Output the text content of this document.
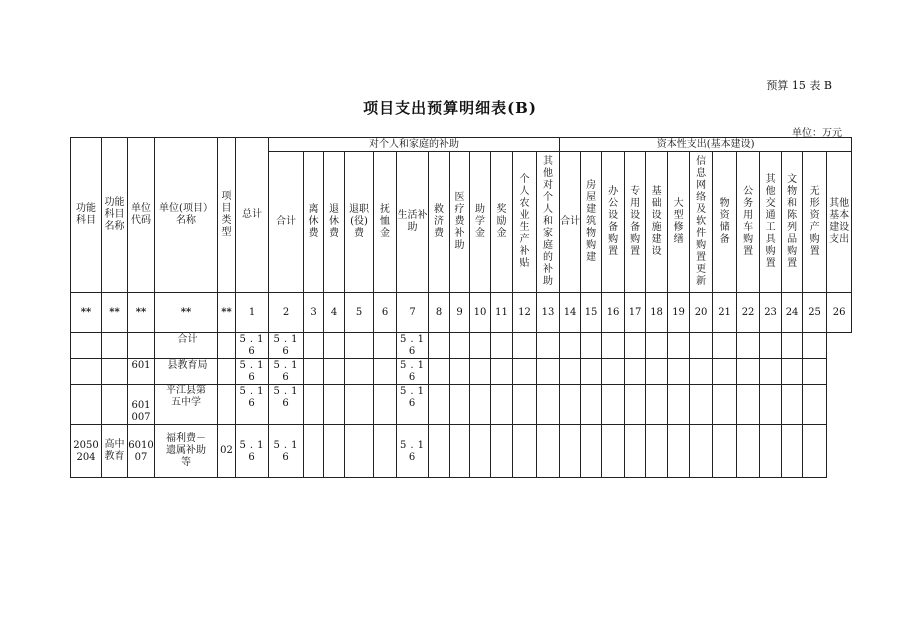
预算 15 表 B
项目支出预算明细表(B)
单位：万元
功能科目	功能科目名称	单位代码	单位(项目）名称	项目类型	总计	对个人和家庭的补助												资本性支出(基本建设)												
						合计	离休费	退休费	退职(役)费	抚恤金	生活补助	救济费	医疗费补助	助学金	奖励金	个人农业生产补贴	其他对个人和家庭的补助	合计	房屋建筑物购建	办公设备购置	专用设备购置	基础设施建设	大型修缮	信息网络及软件购置更新	物资储备	公务用车购置	其他交通工具购置	文物和陈列品购置	无形资产购置	其他基本建设支出
**	**	**	**	**	1	2	3	4	5	6	7	8	9	10	11	12	13	14	15	16	17	18	19	20	21	22	23	24	25	26
			合计		5.16	5.16					5.16																			
		601	县教育局		5.16	5.16					5.16																			
		601007	平江县第五中学		5.16	5.16					5.16																			
2050204	高中教育	601007	福利费－遗属补助等	02	5.16	5.16					5.16																			
